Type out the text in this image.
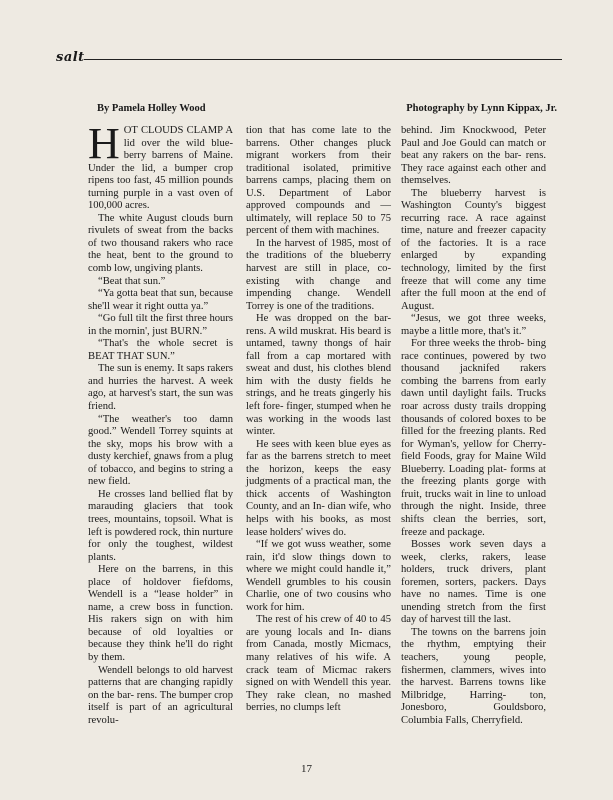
salt
By Pamela Holley Wood	Photography by Lynn Kippax, Jr.

HOT CLOUDS CLAMP A lid over the wild blue- berry barrens of Maine. Under the lid, a bumper crop ripens too fast, 45 million pounds turning purple in a vast oven of 100,000 acres.

The white August clouds burn rivulets of sweat from the backs of two thousand rakers who race the heat, bent to the ground to comb low, ungiving plants.

“Beat that sun.”

“Ya gotta beat that sun, because she'll wear it right outta ya.”

“Go full tilt the first three hours in the mornin', just BURN.”

“That's the whole secret is BEAT THAT SUN.”

The sun is enemy. It saps rakers and hurries the harvest. A week ago, at harvest's start, the sun was friend.

“The weather's too damn good.” Wendell Torrey squints at the sky, mops his brow with a dusty kerchief, gnaws from a plug of tobacco, and begins to string a new field.

He crosses land bellied flat by marauding glaciers that took trees, mountains, topsoil. What is left is powdered rock, thin nurture for only the toughest, wildest plants.

Here on the barrens, in this place of holdover fiefdoms, Wendell is a “lease holder” in name, a crew boss in function. His rakers sign on with him because of old loyalties or because they think he'll do right by them.

Wendell belongs to old harvest patterns that are changing rapidly on the bar- rens. The bumper crop itself is part of an agricultural revolu-

tion that has come late to the barrens. Other changes pluck migrant workers from their traditional isolated, primitive barrens camps, placing them on U.S. Department of Labor approved compounds and — ultimately, will replace 50 to 75 percent of them with machines.

In the harvest of 1985, most of the traditions of the blueberry harvest are still in place, co-existing with change and impending change. Wendell Torrey is one of the traditions.

He was dropped on the bar- rens. A wild muskrat. His beard is untamed, tawny thongs of hair fall from a cap mortared with sweat and dust, his clothes blend him with the dusty fields he strings, and he treats gingerly his left fore- finger, stumped when he was working in the woods last winter.

He sees with keen blue eyes as far as the barrens stretch to meet the horizon, keeps the easy judgments of a practical man, the thick accents of Washington County, and an In- dian wife, who helps with his books, as most lease holders' wives do.

“If we got wuss weather, some rain, it'd slow things down to where we might could handle it,” Wendell grumbles to his cousin Charlie, one of two cousins who work for him.

The rest of his crew of 40 to 45 are young locals and In- dians from Canada, mostly Micmacs, many relatives of his wife. A crack team of Micmac rakers signed on with Wendell this year. They rake clean, no mashed berries, no clumps left

behind. Jim Knockwood, Peter Paul and Joe Gould can match or beat any rakers on the bar- rens. They race against each other and themselves.

The blueberry harvest is Washington County's biggest recurring race. A race against time, nature and freezer capacity of the factories. It is a race enlarged by expanding technology, limited by the first freeze that will come any time after the full moon at the end of August.

“Jesus, we got three weeks, maybe a little more, that's it.”

For three weeks the throb- bing race continues, powered by two thousand jacknifed rakers combing the barrens from early dawn until daylight fails. Trucks roar across dusty trails dropping thousands of colored boxes to be filled for the freezing plants. Red for Wyman's, yellow for Cherry- field Foods, gray for Maine Wild Blueberry. Loading plat- forms at the freezing plants gorge with fruit, trucks wait in line to unload through the night. Inside, three shifts clean the berries, sort, freeze and package.

Bosses work seven days a week, clerks, rakers, lease holders, truck drivers, plant foremen, sorters, packers. Days have no names. Time is one unending stretch from the first day of harvest till the last.

The towns on the barrens join the rhythm, emptying their teachers, young people, fishermen, clammers, wives into the harvest. Barrens towns like Milbridge, Harring- ton, Jonesboro, Gouldsboro, Columbia Falls, Cherryfield.

17
